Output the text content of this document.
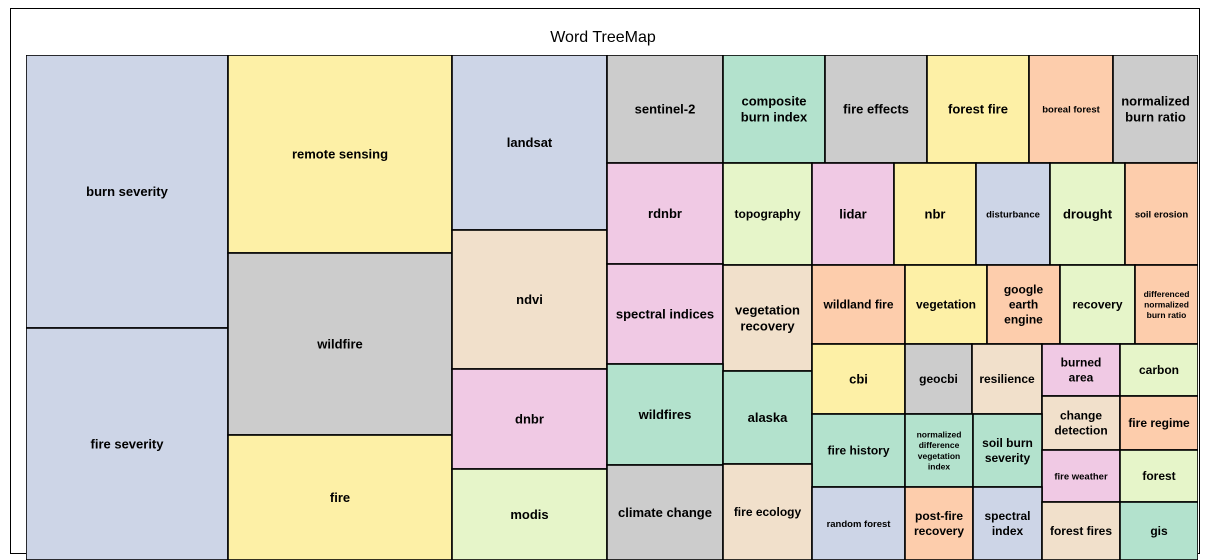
Word TreeMap
burn severity
fire severity
remote sensing
wildfire
fire
landsat
ndvi
dnbr
modis
sentinel-2
composite burn index
fire effects	forest fire	boreal forest
normalized burn ratio
rdnbr	topography	lidar	nbr	disturbance drought soil erosion
spectral indices vegetation recovery
wildland fire vegetation
google earth engine
recovery
differenced normalized burn ratio
wildfires	alaska
cbi	geocbi resilience
burned area
carbon
change detection
fire regime
fire history
normalized difference vegetation index
soil burn severity
fire weather	forest
climate change fire ecology
random forest
post-fire recovery
spectral index	forest fires	gis
